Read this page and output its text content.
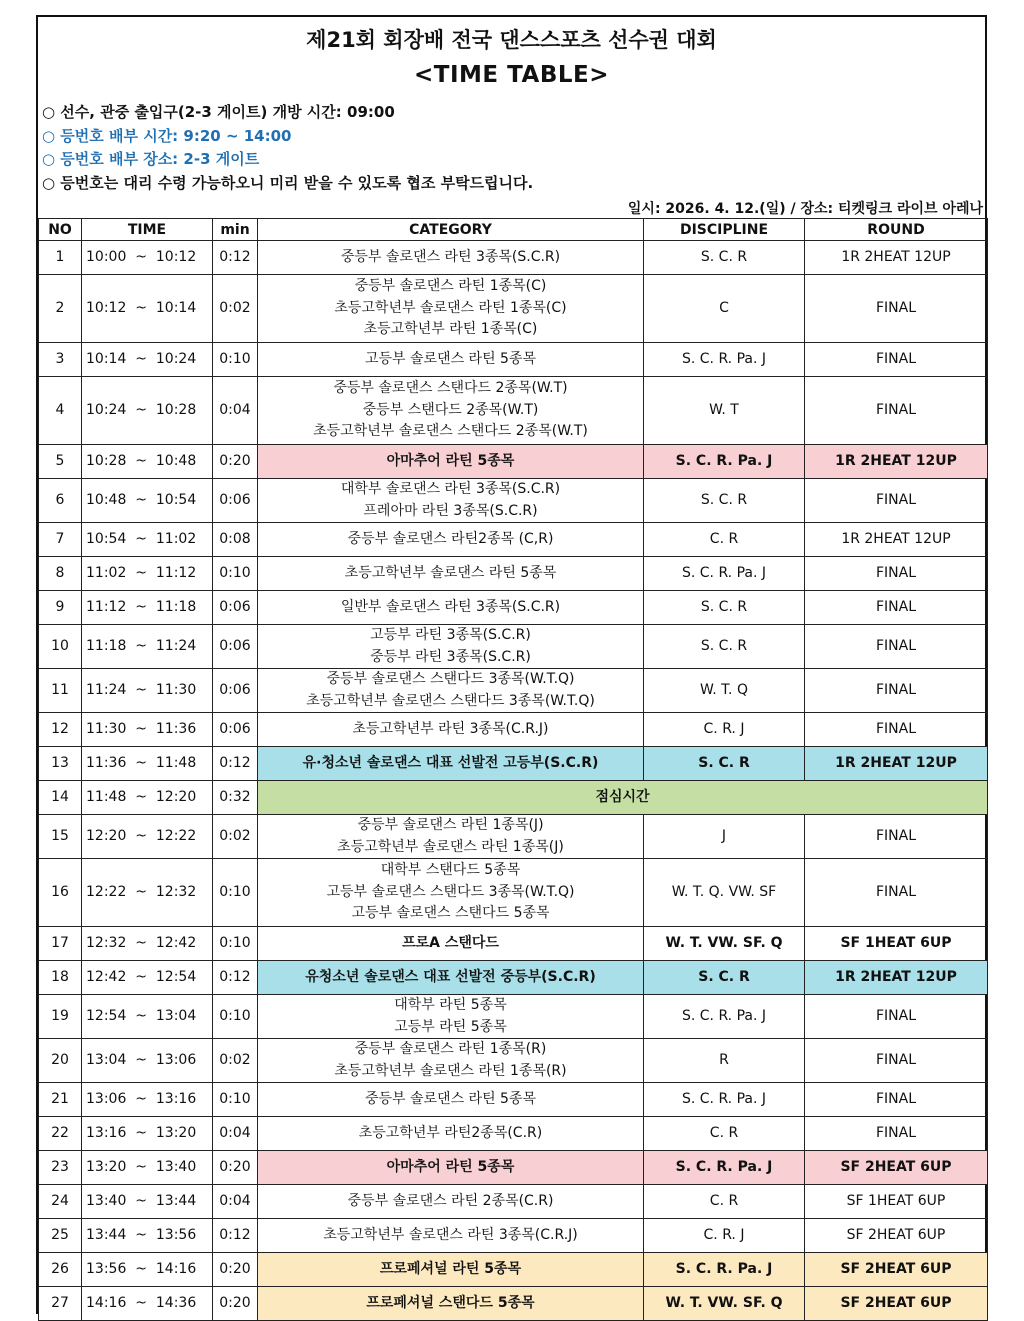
제21회 회장배 전국 댄스스포츠 선수권 대회
<TIME TABLE>
○ 선수, 관중 출입구(2-3 게이트) 개방 시간: 09:00
○ 등번호 배부 시간: 9:20 ~ 14:00
○ 등번호 배부 장소: 2-3 게이트
○ 등번호는 대리 수령 가능하오니 미리 받을 수 있도록 협조 부탁드립니다.
일시: 2026. 4. 12.(일) / 장소: 티켓링크 라이브 아레나
NO	TIME	min	CATEGORY	DISCIPLINE	ROUND
1	10:00  ~  10:12	0:12	중등부 솔로댄스 라틴 3종목(S.C.R)	S. C. R	1R 2HEAT 12UP
2	10:12  ~  10:14	0:02	중등부 솔로댄스 라틴 1종목(C)
초등고학년부 솔로댄스 라틴 1종목(C)
초등고학년부 라틴 1종목(C)	C	FINAL
3	10:14  ~  10:24	0:10	고등부 솔로댄스 라틴 5종목	S. C. R. Pa. J	FINAL
4	10:24  ~  10:28	0:04	중등부 솔로댄스 스탠다드 2종목(W.T)
중등부 스탠다드 2종목(W.T)
초등고학년부 솔로댄스 스탠다드 2종목(W.T)	W. T	FINAL
5	10:28  ~  10:48	0:20	아마추어 라틴 5종목	S. C. R. Pa. J	1R 2HEAT 12UP
6	10:48  ~  10:54	0:06	대학부 솔로댄스 라틴 3종목(S.C.R)
프레아마 라틴 3종목(S.C.R)	S. C. R	FINAL
7	10:54  ~  11:02	0:08	중등부 솔로댄스 라틴2종목 (C,R)	C. R	1R 2HEAT 12UP
8	11:02  ~  11:12	0:10	초등고학년부 솔로댄스 라틴 5종목	S. C. R. Pa. J	FINAL
9	11:12  ~  11:18	0:06	일반부 솔로댄스 라틴 3종목(S.C.R)	S. C. R	FINAL
10	11:18  ~  11:24	0:06	고등부 라틴 3종목(S.C.R)
중등부 라틴 3종목(S.C.R)	S. C. R	FINAL
11	11:24  ~  11:30	0:06	중등부 솔로댄스 스탠다드 3종목(W.T.Q)
초등고학년부 솔로댄스 스탠다드 3종목(W.T.Q)	W. T. Q	FINAL
12	11:30  ~  11:36	0:06	초등고학년부 라틴 3종목(C.R.J)	C. R. J	FINAL
13	11:36  ~  11:48	0:12	유·청소년 솔로댄스 대표 선발전 고등부(S.C.R)	S. C. R	1R 2HEAT 12UP
14	11:48  ~  12:20	0:32	점심시간		
15	12:20  ~  12:22	0:02	중등부 솔로댄스 라틴 1종목(J)
초등고학년부 솔로댄스 라틴 1종목(J)	J	FINAL
16	12:22  ~  12:32	0:10	대학부 스탠다드 5종목
고등부 솔로댄스 스탠다드 3종목(W.T.Q)
고등부 솔로댄스 스탠다드 5종목	W. T. Q. VW. SF	FINAL
17	12:32  ~  12:42	0:10	프로A 스탠다드	W. T. VW. SF. Q	SF 1HEAT 6UP
18	12:42  ~  12:54	0:12	유청소년 솔로댄스 대표 선발전 중등부(S.C.R)	S. C. R	1R 2HEAT 12UP
19	12:54  ~  13:04	0:10	대학부 라틴 5종목
고등부 라틴 5종목	S. C. R. Pa. J	FINAL
20	13:04  ~  13:06	0:02	중등부 솔로댄스 라틴 1종목(R)
초등고학년부 솔로댄스 라틴 1종목(R)	R	FINAL
21	13:06  ~  13:16	0:10	중등부 솔로댄스 라틴 5종목	S. C. R. Pa. J	FINAL
22	13:16  ~  13:20	0:04	초등고학년부 라틴2종목(C.R)	C. R	FINAL
23	13:20  ~  13:40	0:20	아마추어 라틴 5종목	S. C. R. Pa. J	SF 2HEAT 6UP
24	13:40  ~  13:44	0:04	중등부 솔로댄스 라틴 2종목(C.R)	C. R	SF 1HEAT 6UP
25	13:44  ~  13:56	0:12	초등고학년부 솔로댄스 라틴 3종목(C.R.J)	C. R. J	SF 2HEAT 6UP
26	13:56  ~  14:16	0:20	프로페셔널 라틴 5종목	S. C. R. Pa. J	SF 2HEAT 6UP
27	14:16  ~  14:36	0:20	프로페셔널 스탠다드 5종목	W. T. VW. SF. Q	SF 2HEAT 6UP
